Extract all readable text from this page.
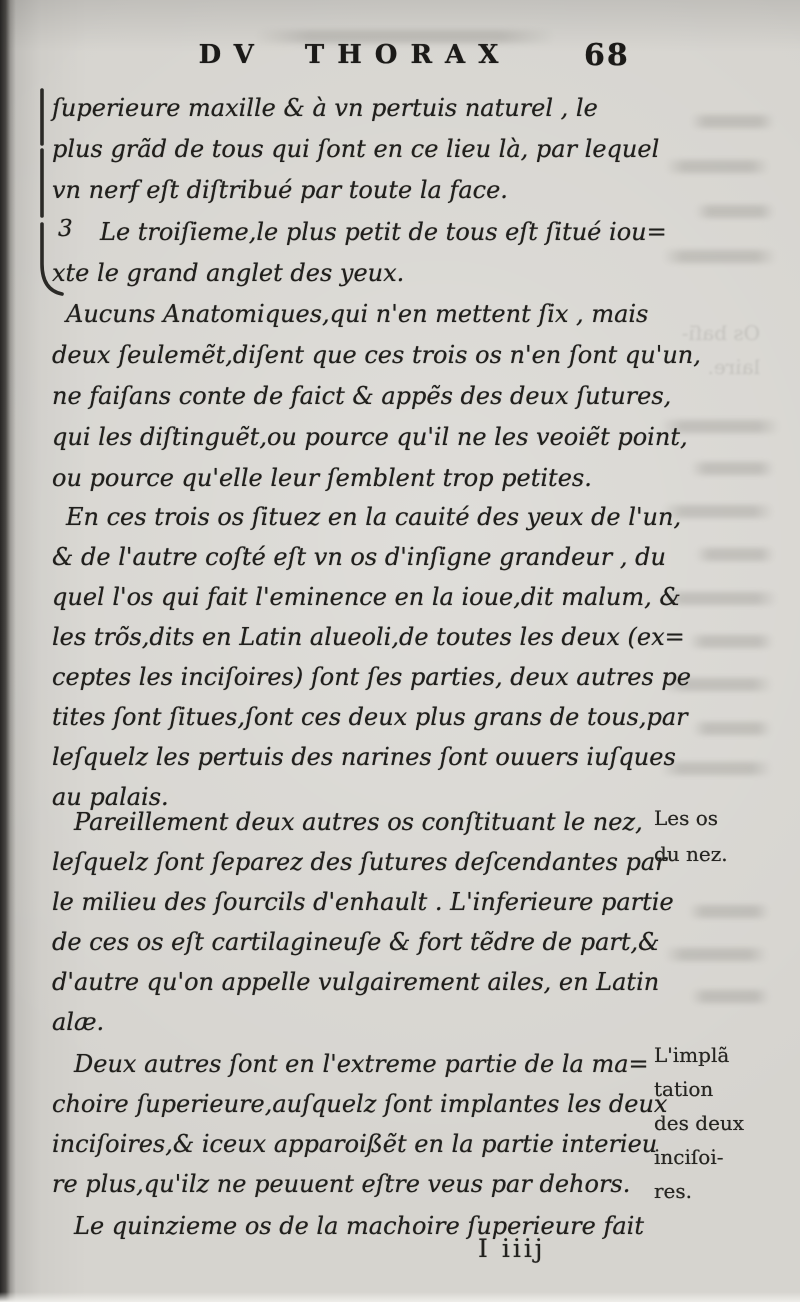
DV THORAX 68
Os baſi- laire.
ſuperieure maxille & à vn pertuis naturel , le
plus grãd de tous qui ſont en ce lieu là, par lequel
vn nerf eſt diſtribué par toute la face.
3 Le troiſieme,le plus petit de tous eſt ſitué iou=
xte le grand anglet des yeux.
Aucuns Anatomiques,qui n'en mettent ſix , mais
deux ſeulemẽt,diſent que ces trois os n'en ſont qu'un,
ne faiſans conte de faict & appẽs des deux ſutures,
qui les diſtinguẽt,ou pource qu'il ne les veoiẽt point,
ou pource qu'elle leur ſemblent trop petites.
En ces trois os ſituez en la cauité des yeux de l'un,
& de l'autre coſté eſt vn os d'inſigne grandeur , du
quel l'os qui fait l'eminence en la ioue,dit malum, &
les trõs,dits en Latin alueoli,de toutes les deux (ex=
ceptes les inciſoires) ſont ſes parties, deux autres pe
tites ſont ſitues,ſont ces deux plus grans de tous,par
leſquelz les pertuis des narines ſont ouuers iuſques
au palais.
Pareillement deux autres os conſtituant le nez,
leſquelz ſont ſeparez des ſutures deſcendantes par
le milieu des ſourcils d'enhault . L'inferieure partie
de ces os eſt cartilagineuſe & fort tẽdre de part,&
d'autre qu'on appelle vulgairement ailes, en Latin
alæ.
Deux autres ſont en l'extreme partie de la ma=
choire ſuperieure,auſquelz ſont implantes les deux
inciſoires,& iceux apparoißẽt en la partie interieu
re plus,qu'ilz ne peuuent eſtre veus par dehors.
Le quinzieme os de la machoire ſuperieure fait
Les os
du nez.
L'implã
tation
des deux
inciſoi-
res.
I iiij
